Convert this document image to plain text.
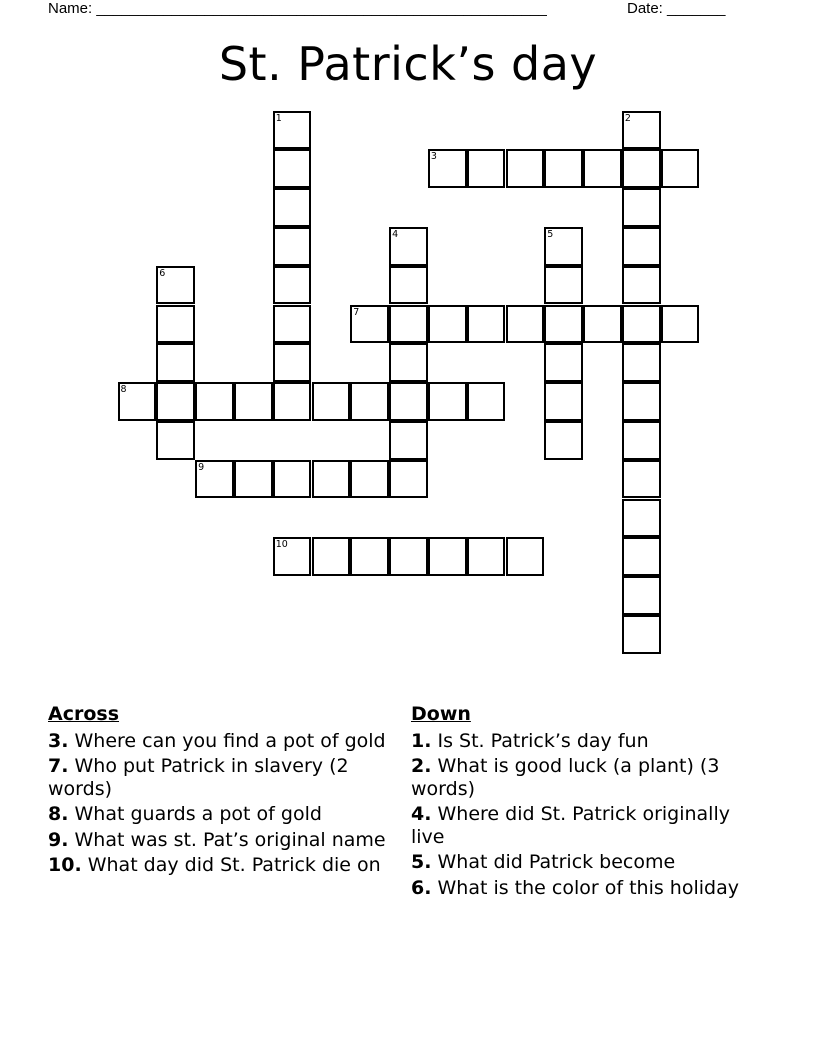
Name: ______________________________________________________	Date: _______
St. Patrick’s day
1	2
3
4	5
6
7
8
9
10
Across
3. Where can you find a pot of gold
7. Who put Patrick in slavery (2 words)
8. What guards a pot of gold
9. What was st. Pat’s original name
10. What day did St. Patrick die on
Down
1. Is St. Patrick’s day fun
2. What is good luck (a plant) (3 words)
4. Where did St. Patrick originally live
5. What did Patrick become
6. What is the color of this holiday
